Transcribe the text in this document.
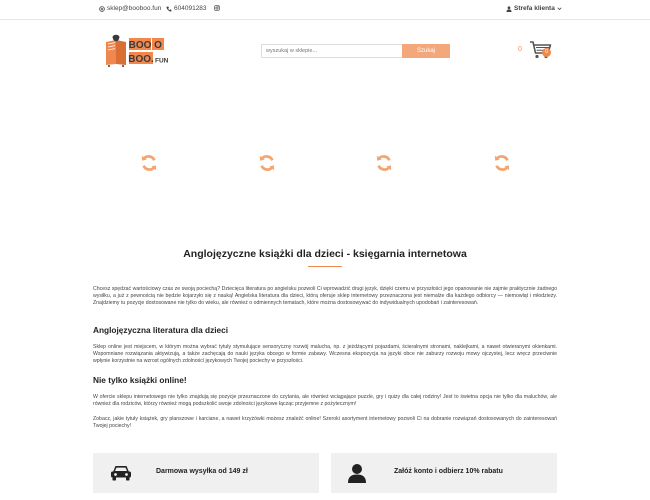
sklep@booboo.fun 604091283	Strefa klienta
BOO
BOO. FUN
O
wyszukaj w sklepie...	Szukaj	0	0
Anglojęzyczne książki dla dzieci - księgarnia internetowa

Chcesz spędzać wartościowy czas ze swoją pociechą? Dziecięca literatura po angielsku pozwoli Ci wprowadzić drugi język, dzięki czemu w przyszłości jego opanowanie nie zajmie praktycznie żadnego wysiłku, a już z pewnością nie będzie kojarzyło się z nauką! Angielska literatura dla dzieci, którą oferuje sklep internetowy przeznaczona jest niemalże dla każdego odbiorcy — niemowląt i młodzieży. Znajdziemy tu pozycje dostosowane nie tylko do wieku, ale również o odmiennych tematach, które można dostosowywać do indywidualnych upodobań i zainteresowań.

Anglojęzyczna literatura dla dzieci

Sklep online jest miejscem, w którym można wybrać tytuły stymulujące sensoryczny rozwój malucha, np. z jeżdżącymi pojazdami, ścieralnymi stronami, naklejkami, a nawet otwieranymi okienkami. Wspomniane rozwiązania aktywizują, a także zachęcają do nauki języka obcego w formie zabawy. Wczesna ekspozycja na języki obce nie zaburzy rozwoju mowy ojczystej, lecz wręcz przeciwnie wpłynie korzystnie na wzrost ogólnych zdolności językowych Twojej pociechy w przyszłości.

Nie tylko książki online!

W ofercie sklepu internetowego nie tylko znajdują się pozycje przeznaczone do czytania, ale również wciągające puzzle, gry i quizy dla całej rodziny! Jest to świetna opcja nie tylko dla maluchów, ale również dla rodziców, którzy również mogą podszkolić swoje zdolności językowe łącząc przyjemne z pożytecznym!

Zobacz, jakie tytuły książek, gry planszowe i karciane, a nawet krzyżówki możesz znaleźć online! Szeroki asortyment internetowy pozwoli Ci na dobranie rozwiązań dostosowanych do zainteresowań Twojej pociechy!

Darmowa wysyłka od 149 zł	Załóż konto i odbierz 10% rabatu
